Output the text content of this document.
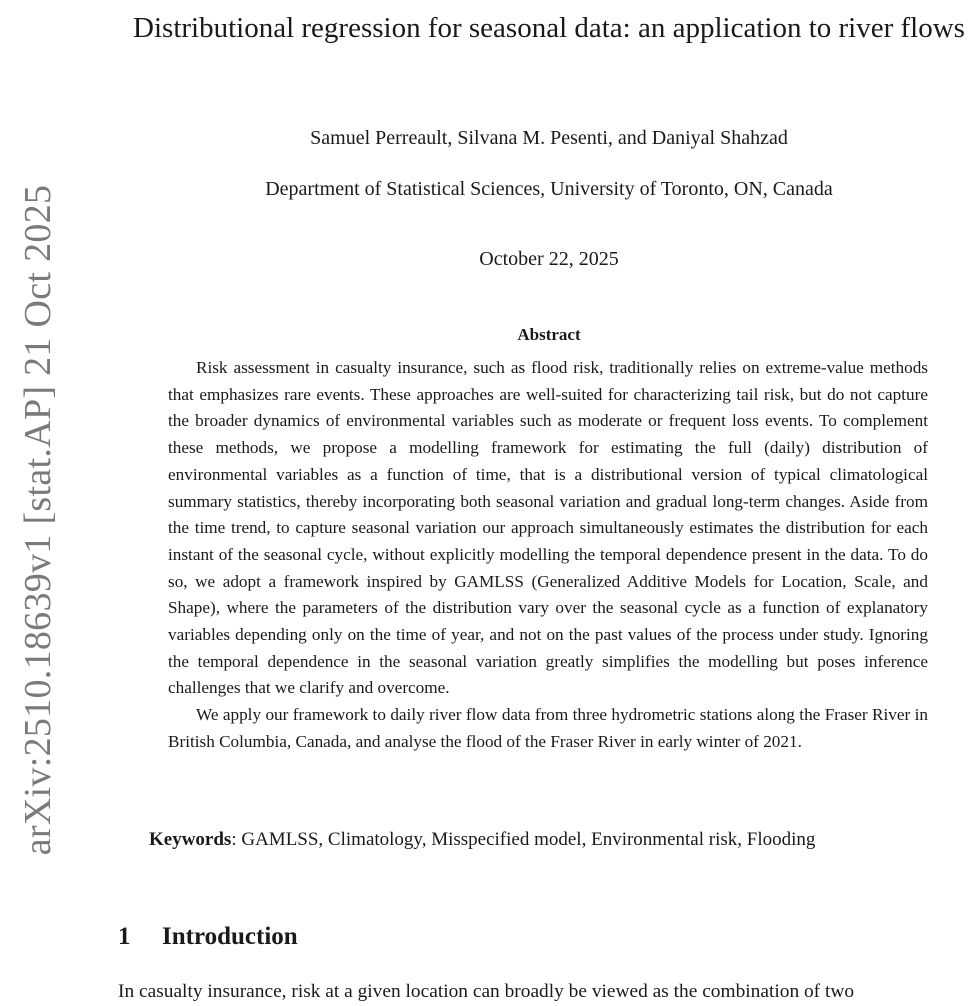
arXiv:2510.18639v1 [stat.AP] 21 Oct 2025
Distributional regression for seasonal data: an application to river flows
Samuel Perreault, Silvana M. Pesenti, and Daniyal Shahzad
Department of Statistical Sciences, University of Toronto, ON, Canada
October 22, 2025
Abstract

Risk assessment in casualty insurance, such as flood risk, traditionally relies on extreme-value methods that emphasizes rare events. These approaches are well-suited for characterizing tail risk, but do not capture the broader dynamics of environmental variables such as moderate or frequent loss events. To complement these methods, we propose a modelling framework for estimating the full (daily) distribution of environmental variables as a function of time, that is a distributional version of typical climatological summary statistics, thereby incorporating both seasonal variation and gradual long-term changes. Aside from the time trend, to capture seasonal variation our approach simultaneously estimates the distribution for each instant of the seasonal cycle, without explicitly modelling the temporal dependence present in the data. To do so, we adopt a framework inspired by GAMLSS (Generalized Additive Models for Location, Scale, and Shape), where the parameters of the distribution vary over the seasonal cycle as a function of explanatory variables depending only on the time of year, and not on the past values of the process under study. Ignoring the temporal dependence in the seasonal variation greatly simplifies the modelling but poses inference challenges that we clarify and overcome.

We apply our framework to daily river flow data from three hydrometric stations along the Fraser River in British Columbia, Canada, and analyse the flood of the Fraser River in early winter of 2021.

Keywords: GAMLSS, Climatology, Misspecified model, Environmental risk, Flooding
1 Introduction
In casualty insurance, risk at a given location can broadly be viewed as the combination of two
